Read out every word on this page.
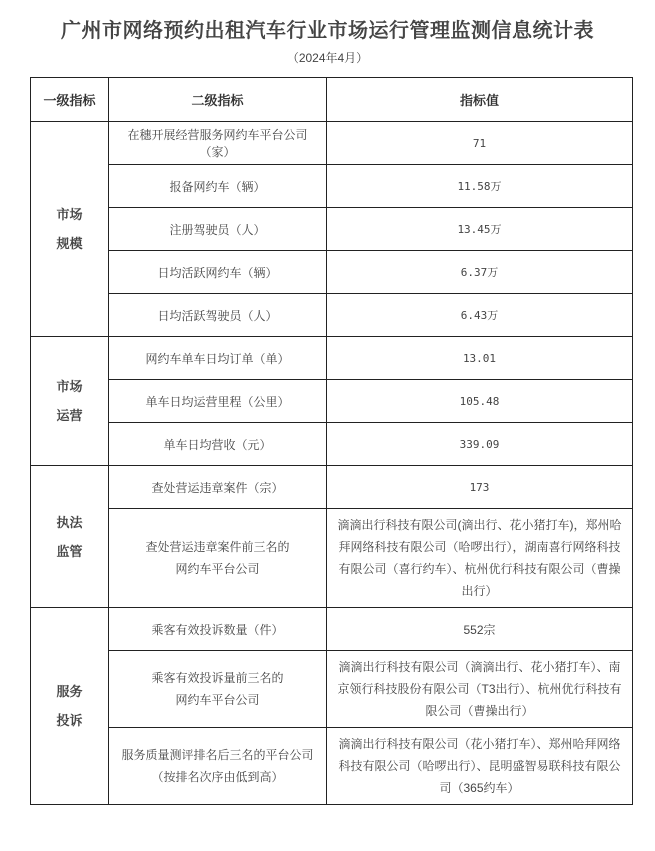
广州市网络预约出租汽车行业市场运行管理监测信息统计表
（2024年4月）
一级指标	二级指标	指标值

市场
规模	在穗开展经营服务网约车平台公司（家）	71
	报备网约车（辆）	11.58万
	注册驾驶员（人）	13.45万
	日均活跃网约车（辆）	6.37万
	日均活跃驾驶员（人）	6.43万

市场
运营	网约车单车日均订单（单）	13.01
	单车日均运营里程（公里）	105.48
	单车日均营收（元）	339.09

执法
监管	查处营运违章案件（宗）	173

	查处营运违章案件前三名的
网约车平台公司	滴滴出行科技有限公司(滴出行、花小猪打车)，郑州哈拜网络科技有限公司（哈啰出行），湖南喜行网络科技有限公司（喜行约车）、杭州优行科技有限公司（曹操出行）

服务
投诉	乘客有效投诉数量（件）	552宗

	乘客有效投诉量前三名的
网约车平台公司	滴滴出行科技有限公司（滴滴出行、花小猪打车）、南京领行科技股份有限公司（T3出行）、杭州优行科技有限公司（曹操出行）
	服务质量测评排名后三名的平台公司（按排名次序由低到高）	滴滴出行科技有限公司（花小猪打车）、郑州哈拜网络科技有限公司（哈啰出行）、昆明盛智易联科技有限公司（365约车）
